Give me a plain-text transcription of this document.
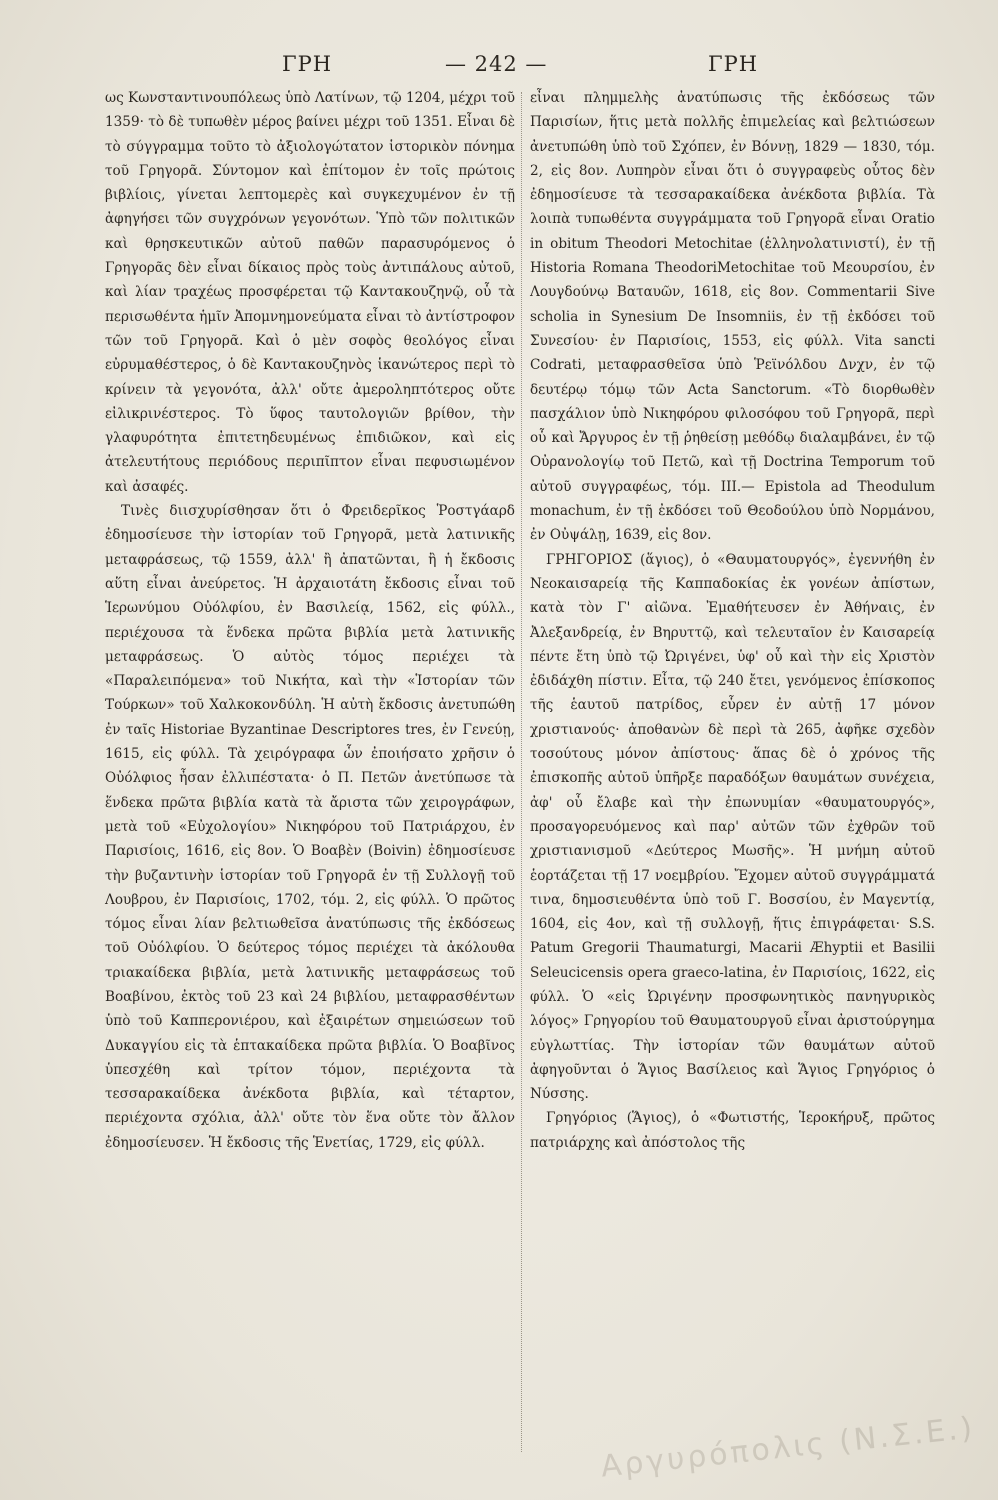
ΓΡΗ	— 242 —	ΓΡΗ

ως Κωνσταντινουπόλεως ὑπὸ Λατίνων, τῷ 1204, μέχρι τοῦ 1359· τὸ δὲ τυπωθὲν μέρος βαίνει μέχρι τοῦ 1351. Εἶναι δὲ τὸ σύγγραμμα τοῦτο τὸ ἀξιολογώτατον ἱστορικὸν πόνημα τοῦ Γρηγορᾶ. Σύντομον καὶ ἐπίτομον ἐν τοῖς πρώτοις βιβλίοις, γίνεται λεπτομερὲς καὶ συγκεχυμένον ἐν τῇ ἀφηγήσει τῶν συγχρόνων γεγονότων. Ὑπὸ τῶν πολιτικῶν καὶ θρησκευτικῶν αὐτοῦ παθῶν παρασυρόμενος ὁ Γρηγορᾶς δὲν εἶναι δίκαιος πρὸς τοὺς ἀντιπάλους αὐτοῦ, καὶ λίαν τραχέως προσφέρεται τῷ Καντακουζηνῷ, οὗ τὰ περισωθέντα ἡμῖν Ἀπομνημονεύματα εἶναι τὸ ἀντίστροφον τῶν τοῦ Γρηγορᾶ. Καὶ ὁ μὲν σοφὸς θεολόγος εἶναι εὐρυμαθέστερος, ὁ δὲ Καντακουζηνὸς ἱκανώτερος περὶ τὸ κρίνειν τὰ γεγονότα, ἀλλ' οὔτε ἀμεροληπτότερος οὔτε εἰλικρινέστερος. Τὸ ὕφος ταυτολογιῶν βρίθον, τὴν γλαφυρότητα ἐπιτετηδευμένως ἐπιδιῶκον, καὶ εἰς ἀτελευτήτους περιόδους περιπῖπτον εἶναι πεφυσιωμένον καὶ ἀσαφές.

Τινὲς διισχυρίσθησαν ὅτι ὁ Φρειδερῖκος Ῥοστγάαρδ ἐδημοσίευσε τὴν ἱστορίαν τοῦ Γρηγορᾶ, μετὰ λατινικῆς μεταφράσεως, τῷ 1559, ἀλλ' ἢ ἀπατῶνται, ἢ ἡ ἔκδοσις αὕτη εἶναι ἀνεύρετος. Ἡ ἀρχαιοτάτη ἔκδοσις εἶναι τοῦ Ἱερωνύμου Οὐόλφίου, ἐν Βασιλείᾳ, 1562, εἰς φύλλ., περιέχουσα τὰ ἕνδεκα πρῶτα βιβλία μετὰ λατινικῆς μεταφράσεως. Ὁ αὐτὸς τόμος περιέχει τὰ «Παραλειπόμενα» τοῦ Νικήτα, καὶ τὴν «Ἱστορίαν τῶν Τούρκων» τοῦ Χαλκοκονδύλη. Ἡ αὐτὴ ἔκδοσις ἀνετυπώθη ἐν ταῖς Historiae Byzantinae Descriptores tres, ἐν Γενεύῃ, 1615, εἰς φύλλ. Τὰ χειρόγραφα ὧν ἐποιήσατο χρῆσιν ὁ Οὐόλφιος ἦσαν ἐλλιπέστατα· ὁ Π. Πετῶν ἀνετύπωσε τὰ ἕνδεκα πρῶτα βιβλία κατὰ τὰ ἄριστα τῶν χειρογράφων, μετὰ τοῦ «Εὐχολογίου» Νικηφόρου τοῦ Πατριάρχου, ἐν Παρισίοις, 1616, εἰς 8ον. Ὁ Βοαβὲν (Boivin) ἐδημοσίευσε τὴν βυζαντινὴν ἱστορίαν τοῦ Γρηγορᾶ ἐν τῇ Συλλογῇ τοῦ Λουβρου, ἐν Παρισίοις, 1702, τόμ. 2, εἰς φύλλ. Ὁ πρῶτος τόμος εἶναι λίαν βελτιωθεῖσα ἀνατύπωσις τῆς ἐκδόσεως τοῦ Οὐόλφίου. Ὁ δεύτερος τόμος περιέχει τὰ ἀκόλουθα τριακαίδεκα βιβλία, μετὰ λατινικῆς μεταφράσεως τοῦ Βοαβίνου, ἐκτὸς τοῦ 23 καὶ 24 βιβλίου, μεταφρασθέντων ὑπὸ τοῦ Καππερονιέρου, καὶ ἐξαιρέτων σημειώσεων τοῦ Δυκαγγίου εἰς τὰ ἑπτακαίδεκα πρῶτα βιβλία. Ὁ Βοαβῖνος ὑπεσχέθη καὶ τρίτον τόμον, περιέχοντα τὰ τεσσαρακαίδεκα ἀνέκδοτα βιβλία, καὶ τέταρτον, περιέχοντα σχόλια, ἀλλ' οὔτε τὸν ἕνα οὔτε τὸν ἄλλον ἐδημοσίευσεν. Ἡ ἔκδοσις τῆς Ἑνετίας, 1729, εἰς φύλλ.

εἶναι πλημμελὴς ἀνατύπωσις τῆς ἐκδόσεως τῶν Παρισίων, ἥτις μετὰ πολλῆς ἐπιμελείας καὶ βελτιώσεων ἀνετυπώθη ὑπὸ τοῦ Σχόπεν, ἐν Βόννῃ, 1829 — 1830, τόμ. 2, εἰς 8ον. Λυπηρὸν εἶναι ὅτι ὁ συγγραφεὺς οὗτος δὲν ἐδημοσίευσε τὰ τεσσαρακαίδεκα ἀνέκδοτα βιβλία. Τὰ λοιπὰ τυπωθέντα συγγράμματα τοῦ Γρηγορᾶ εἶναι Oratio in obitum Theodori Metochitae (ἑλληνολατινιστί), ἐν τῇ Historia Romana TheodoriMetochitae τοῦ Μεουρσίου, ἐν Λουγδούνῳ Βαταυῶν, 1618, εἰς 8ον. Commentarii Sive scholia in Synesium De Insomniis, ἐν τῇ ἐκδόσει τοῦ Συνεσίου· ἐν Παρισίοις, 1553, εἰς φύλλ. Vita sancti Codrati, μεταφρασθεῖσα ὑπὸ Ῥεϊνόλδου Δνχν, ἐν τῷ δευτέρῳ τόμῳ τῶν Acta Sanctorum. «Τὸ διορθωθὲν πασχάλιον ὑπὸ Νικηφόρου φιλοσόφου τοῦ Γρηγορᾶ, περὶ οὗ καὶ Ἄργυρος ἐν τῇ ῥηθείσῃ μεθόδῳ διαλαμβάνει, ἐν τῷ Οὐρανολογίῳ τοῦ Πετῶ, καὶ τῇ Doctrina Temporum τοῦ αὐτοῦ συγγραφέως, τόμ. III.— Epistola ad Theodulum monachum, ἐν τῇ ἐκδόσει τοῦ Θεοδούλου ὑπὸ Νορμάνου, ἐν Οὐψάλῃ, 1639, εἰς 8ον.

ΓΡΗΓΟΡΙΟΣ (ἅγιος), ὁ «Θαυματουργός», ἐγεννήθη ἐν Νεοκαισαρείᾳ τῆς Καππαδοκίας ἐκ γονέων ἀπίστων, κατὰ τὸν Γ' αἰῶνα. Ἐμαθήτευσεν ἐν Ἀθήναις, ἐν Ἀλεξανδρείᾳ, ἐν Βηρυττῷ, καὶ τελευταῖον ἐν Καισαρείᾳ πέντε ἔτη ὑπὸ τῷ Ὠριγένει, ὑφ' οὗ καὶ τὴν εἰς Χριστὸν ἐδιδάχθη πίστιν. Εἶτα, τῷ 240 ἔτει, γενόμενος ἐπίσκοπος τῆς ἑαυτοῦ πατρίδος, εὗρεν ἐν αὐτῇ 17 μόνον χριστιανούς· ἀποθανὼν δὲ περὶ τὰ 265, ἀφῆκε σχεδὸν τοσούτους μόνον ἀπίστους· ἅπας δὲ ὁ χρόνος τῆς ἐπισκοπῆς αὐτοῦ ὑπῆρξε παραδόξων θαυμάτων συνέχεια, ἀφ' οὗ ἔλαβε καὶ τὴν ἐπωνυμίαν «θαυματουργός», προσαγορευόμενος καὶ παρ' αὐτῶν τῶν ἐχθρῶν τοῦ χριστιανισμοῦ «Δεύτερος Μωσῆς». Ἡ μνήμη αὐτοῦ ἑορτάζεται τῇ 17 νοεμβρίου. Ἔχομεν αὐτοῦ συγγράμματά τινα, δημοσιευθέντα ὑπὸ τοῦ Γ. Βοσσίου, ἐν Μαγεντίᾳ, 1604, εἰς 4ον, καὶ τῇ συλλογῇ, ἥτις ἐπιγράφεται· S.S. Patum Gregorii Thaumaturgi, Macarii Æhyptii et Basilii Seleucicensis opera graeco-latina, ἐν Παρισίοις, 1622, εἰς φύλλ. Ὁ «εἰς Ὠριγένην προσφωνητικὸς πανηγυρικὸς λόγος» Γρηγορίου τοῦ Θαυματουργοῦ εἶναι ἀριστούργημα εὐγλωττίας. Τὴν ἱστορίαν τῶν θαυμάτων αὐτοῦ ἀφηγοῦνται ὁ Ἅγιος Βασίλειος καὶ Ἅγιος Γρηγόριος ὁ Νύσσης.

Γρηγόριος (Ἅγιος), ὁ «Φωτιστής, Ἱεροκήρυξ, πρῶτος πατριάρχης καὶ ἀπόστολος τῆς

Αργυρόπολις (Ν.Σ.Ε.)
